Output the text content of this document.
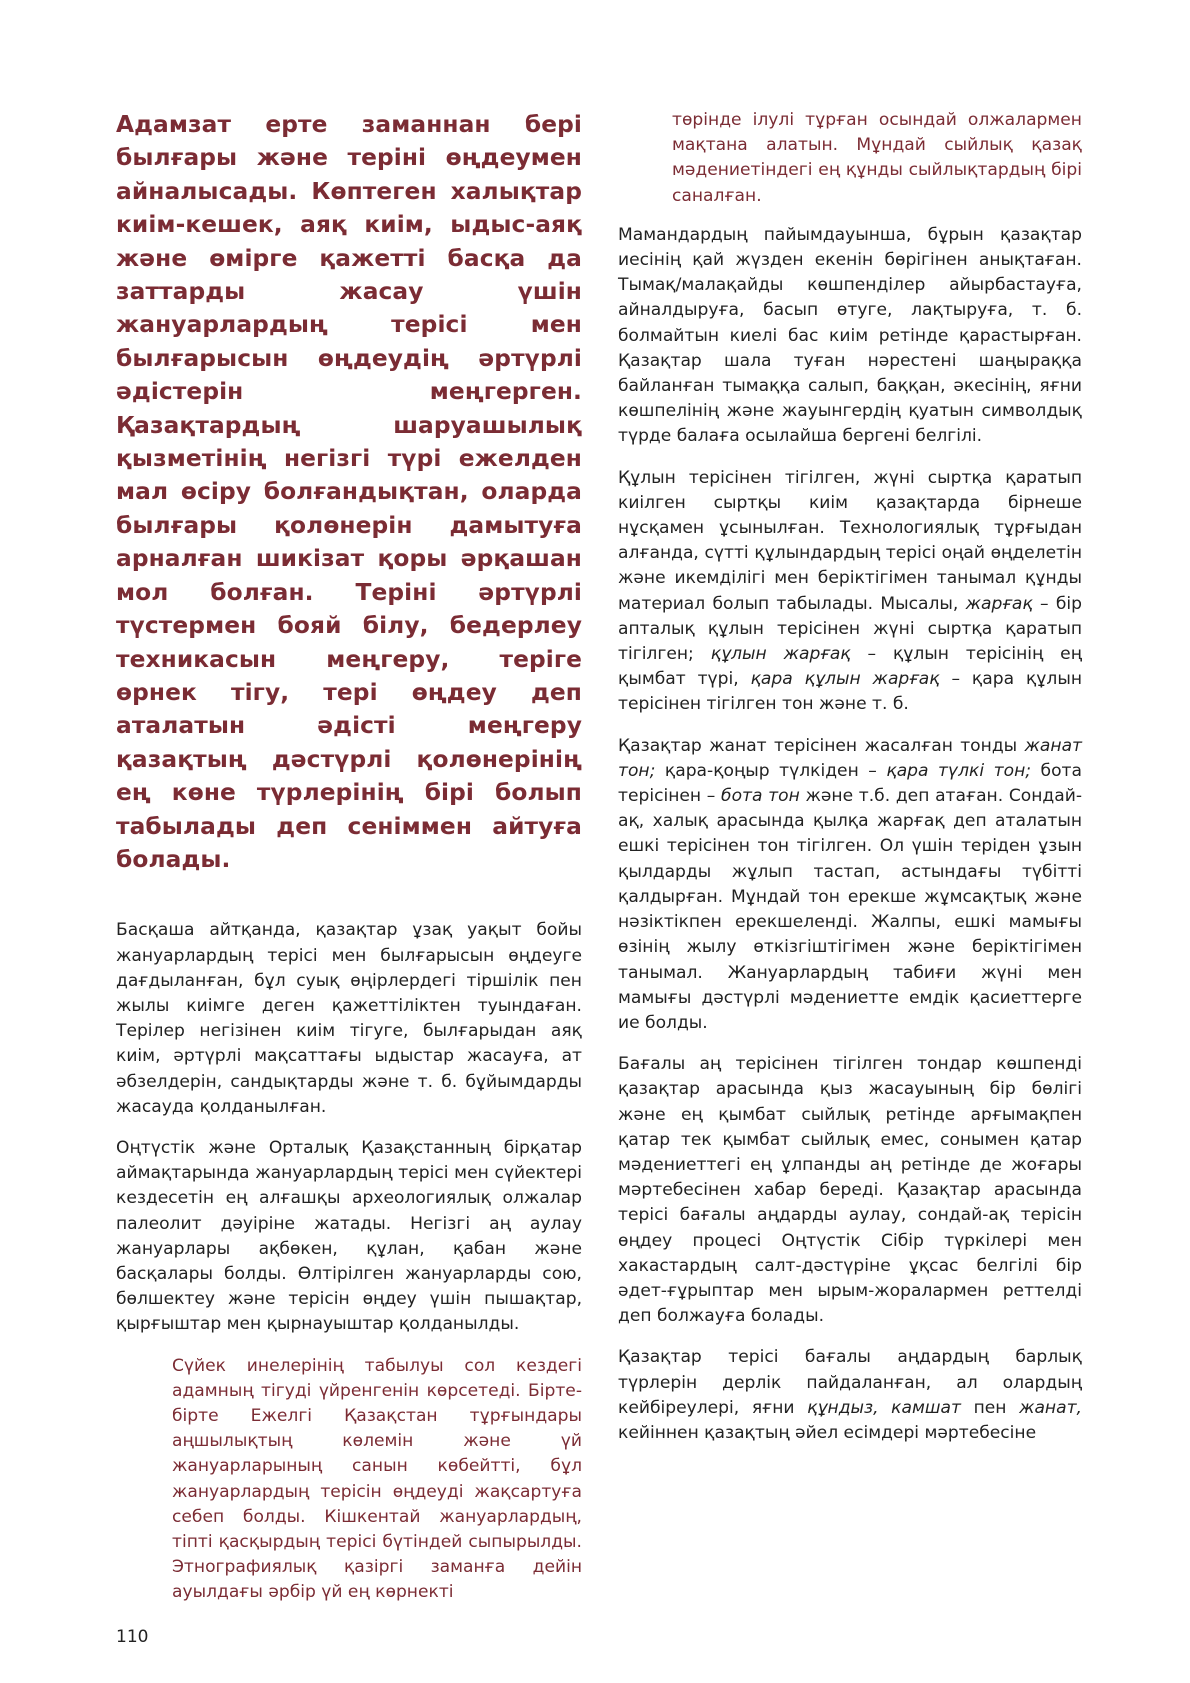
Адамзат ерте заманнан бері былғары және теріні өңдеумен айналысады. Көптеген халықтар киім-кешек, аяқ киім, ыдыс-аяқ және өмірге қажетті басқа да заттарды жасау үшін жануарлардың терісі мен былғарысын өңдеудің әртүрлі әдістерін меңгерген. Қазақтардың шаруашылық қызметінің негізгі түрі ежелден мал өсіру болғандықтан, оларда былғары қолөнерін дамытуға арналған шикізат қоры әрқашан мол болған. Теріні әртүрлі түстермен бояй білу, бедерлеу техникасын меңгеру, теріге өрнек тігу, тері өңдеу деп аталатын әдісті меңгеру қазақтың дәстүрлі қолөнерінің ең көне түрлерінің бірі болып табылады деп сеніммен айтуға болады.

Басқаша айтқанда, қазақтар ұзақ уақыт бойы жануарлардың терісі мен былғарысын өңдеуге дағдыланған, бұл суық өңірлердегі тіршілік пен жылы киімге деген қажеттіліктен туындаған. Терілер негізінен киім тігуге, былғарыдан аяқ киім, әртүрлі мақсаттағы ыдыстар жасауға, ат әбзелдерін, сандықтарды және т. б. бұйымдарды жасауда қолданылған.

Оңтүстік және Орталық Қазақстанның бірқатар аймақтарында жануарлардың терісі мен сүйектері кездесетін ең алғашқы археологиялық олжалар палеолит дәуіріне жатады. Негізгі аң аулау жануарлары ақбөкен, құлан, қабан және басқалары болды. Өлтірілген жануарларды сою, бөлшектеу және терісін өңдеу үшін пышақтар, қырғыштар мен қырнауыштар қолданылды.

Сүйек инелерінің табылуы сол кездегі адамның тігуді үйренгенін көрсетеді. Бірте-бірте Ежелгі Қазақстан тұрғындары аңшылықтың көлемін және үй жануарларының санын көбейтті, бұл жануарлардың терісін өңдеуді жақсартуға себеп болды. Кішкентай жануарлардың, тіпті қасқырдың терісі бүтіндей сыпырылды. Этнографиялық қазіргі заманға дейін ауылдағы әрбір үй ең көрнекті

төрінде ілулі тұрған осындай олжалармен мақтана алатын. Мұндай сыйлық қазақ мәдениетіндегі ең құнды сыйлықтардың бірі саналған.

Мамандардың пайымдауынша, бұрын қазақтар иесінің қай жүзден екенін бөрігінен анықтаған. Тымақ/малақайды көшпенділер айырбастауға, айналдыруға, басып өтуге, лақтыруға, т. б. болмайтын киелі бас киім ретінде қарастырған. Қазақтар шала туған нәрестені шаңыраққа байланған тымаққа салып, баққан, әкесінің, яғни көшпелінің және жауынгердің қуатын символдық түрде балаға осылайша бергені белгілі.

Құлын терісінен тігілген, жүні сыртқа қаратып киілген сыртқы киім қазақтарда бірнеше нұсқамен ұсынылған. Технологиялық тұрғыдан алғанда, сүтті құлындардың терісі оңай өңделетін және икемділігі мен беріктігімен танымал құнды материал болып табылады. Мысалы, жарғақ – бір апталық құлын терісінен жүні сыртқа қаратып тігілген; құлын жарғақ – құлын терісінің ең қымбат түрі, қара құлын жарғақ – қара құлын терісінен тігілген тон және т. б.

Қазақтар жанат терісінен жасалған тонды жанат тон; қара-қоңыр түлкіден – қара түлкі тон; бота терісінен – бота тон және т.б. деп атаған. Сондай-ақ, халық арасында қылқа жарғақ деп аталатын ешкі терісінен тон тігілген. Ол үшін теріден ұзын қылдарды жұлып тастап, астындағы түбітті қалдырған. Мұндай тон ерекше жұмсақтық және нәзіктікпен ерекшеленді. Жалпы, ешкі мамығы өзінің жылу өткізгіштігімен және беріктігімен танымал. Жануарлардың табиғи жүні мен мамығы дәстүрлі мәдениетте емдік қасиеттерге ие болды.

Бағалы аң терісінен тігілген тондар көшпенді қазақтар арасында қыз жасауының бір бөлігі және ең қымбат сыйлық ретінде арғымақпен қатар тек қымбат сыйлық емес, сонымен қатар мәдениеттегі ең ұлпанды аң ретінде де жоғары мәртебесінен хабар береді. Қазақтар арасында терісі бағалы аңдарды аулау, сондай-ақ терісін өңдеу процесі Оңтүстік Сібір түркілері мен хакастардың салт-дәстүріне ұқсас белгілі бір әдет-ғұрыптар мен ырым-жоралармен реттелді деп болжауға болады.

Қазақтар терісі бағалы аңдардың барлық түрлерін дерлік пайдаланған, ал олардың кейбіреулері, яғни құндыз, камшат пен жанат, кейіннен қазақтың әйел есімдері мәртебесіне

110
